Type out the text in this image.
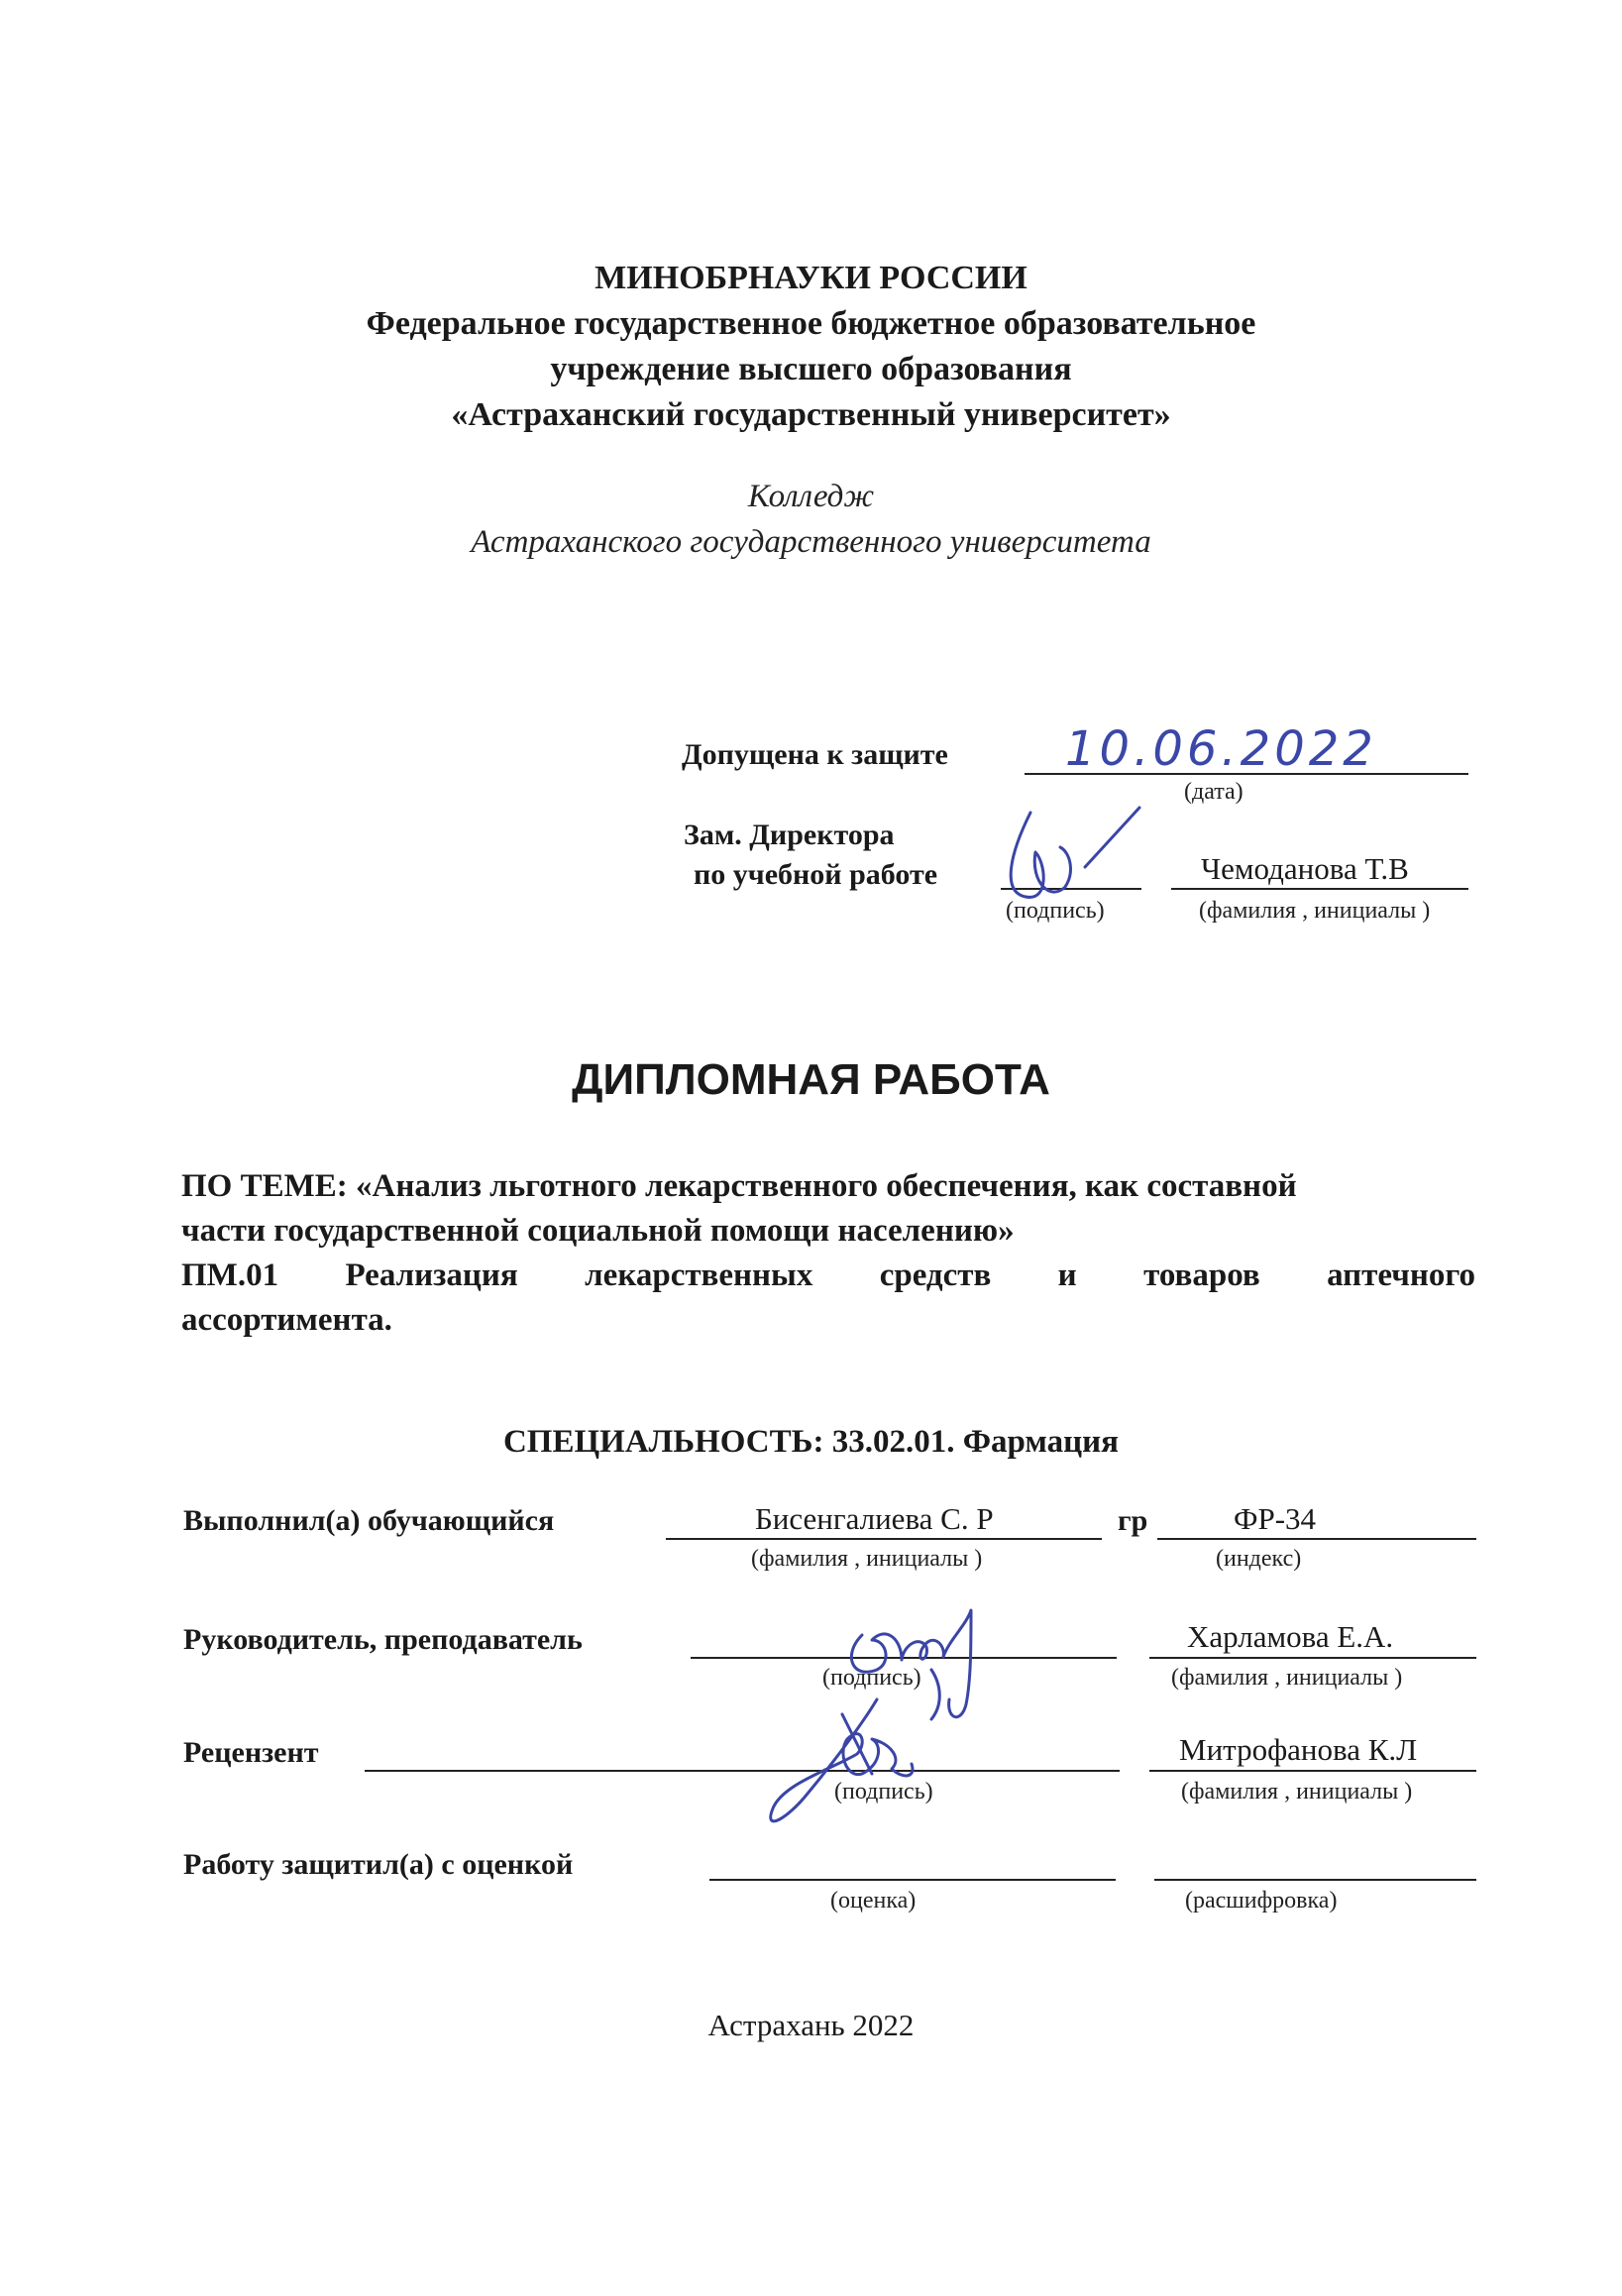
МИНОБРНАУКИ РОССИИ
Федеральное государственное бюджетное образовательное
учреждение высшего образования
«Астраханский государственный университет»
Колледж
Астраханского государственного университета
Допущена к защите 10.06.2022
(дата)
Зам. Директора
по учебной работе
(подпись)
Чемоданова Т.В
(фамилия , инициалы )
ДИПЛОМНАЯ РАБОТА
ПО ТЕМЕ: «Анализ льготного лекарственного обеспечения, как составной
части государственной социальной помощи населению»
ПМ.01 Реализация лекарственных средств и товаров аптечного
ассортимента.
СПЕЦИАЛЬНОСТЬ: 33.02.01. Фармация
Выполнил(а) обучающийся	Бисенгалиева С. Р
(фамилия , инициалы )
гр	ФР-34
(индекс)
Руководитель, преподаватель
(подпись)
Харламова Е.А.
(фамилия , инициалы )
Рецензент
(подпись)
Митрофанова К.Л
(фамилия , инициалы )
Работу защитил(а) с оценкой
(оценка)	(расшифровка)
Астрахань 2022
